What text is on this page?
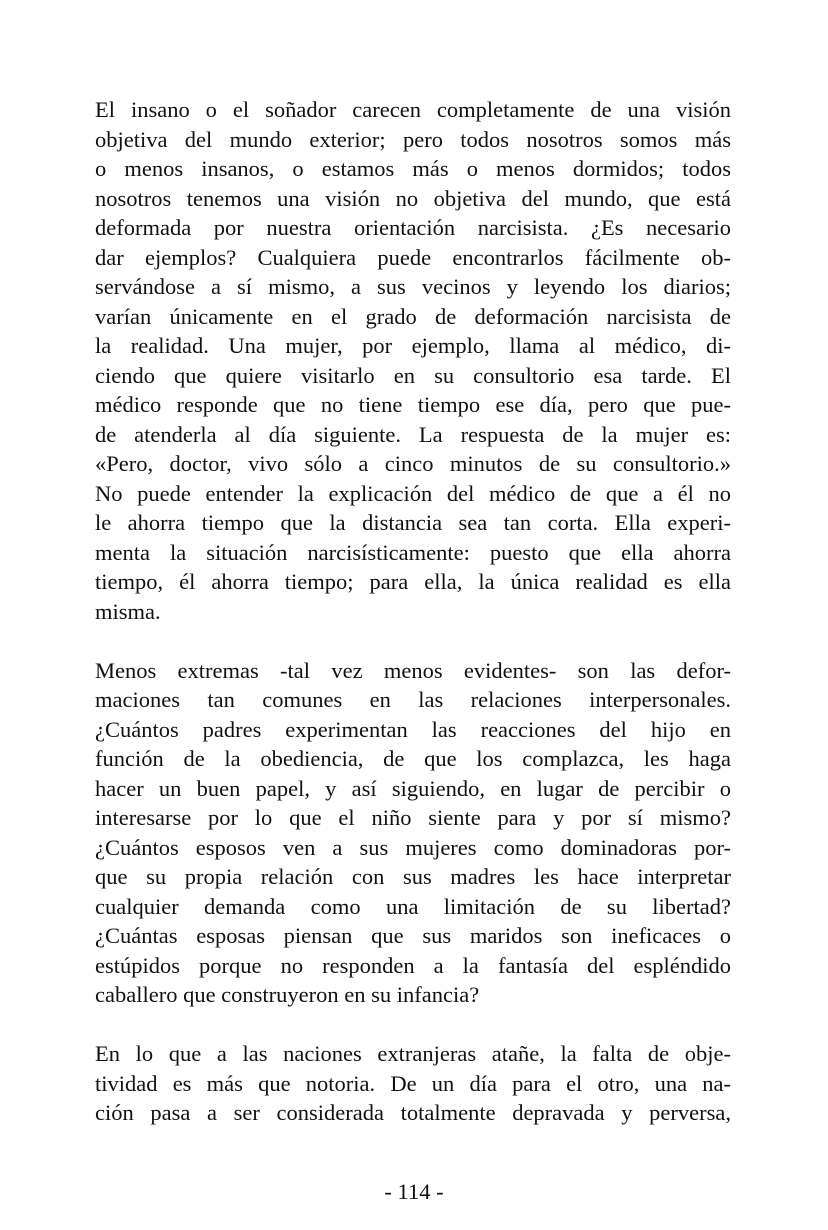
El insano o el soñador carecen completamente de una visión
objetiva del mundo exterior; pero todos nosotros somos más
o menos insanos, o estamos más o menos dormidos; todos
nosotros tenemos una visión no objetiva del mundo, que está
deformada por nuestra orientación narcisista. ¿Es necesario
dar ejemplos? Cualquiera puede encontrarlos fácilmente ob-
servándose a sí mismo, a sus vecinos y leyendo los diarios;
varían únicamente en el grado de deformación narcisista de
la realidad. Una mujer, por ejemplo, llama al médico, di-
ciendo que quiere visitarlo en su consultorio esa tarde. El
médico responde que no tiene tiempo ese día, pero que pue-
de atenderla al día siguiente. La respuesta de la mujer es:
«Pero, doctor, vivo sólo a cinco minutos de su consultorio.»
No puede entender la explicación del médico de que a él no
le ahorra tiempo que la distancia sea tan corta. Ella experi-
menta la situación narcisísticamente: puesto que ella ahorra
tiempo, él ahorra tiempo; para ella, la única realidad es ella
misma.
Menos extremas -tal vez menos evidentes- son las defor-
maciones tan comunes en las relaciones interpersonales.
¿Cuántos padres experimentan las reacciones del hijo en
función de la obediencia, de que los complazca, les haga
hacer un buen papel, y así siguiendo, en lugar de percibir o
interesarse por lo que el niño siente para y por sí mismo?
¿Cuántos esposos ven a sus mujeres como dominadoras por-
que su propia relación con sus madres les hace interpretar
cualquier demanda como una limitación de su libertad?
¿Cuántas esposas piensan que sus maridos son ineficaces o
estúpidos porque no responden a la fantasía del espléndido
caballero que construyeron en su infancia?
En lo que a las naciones extranjeras atañe, la falta de obje-
tividad es más que notoria. De un día para el otro, una na-
ción pasa a ser considerada totalmente depravada y perversa,
- 114 -
